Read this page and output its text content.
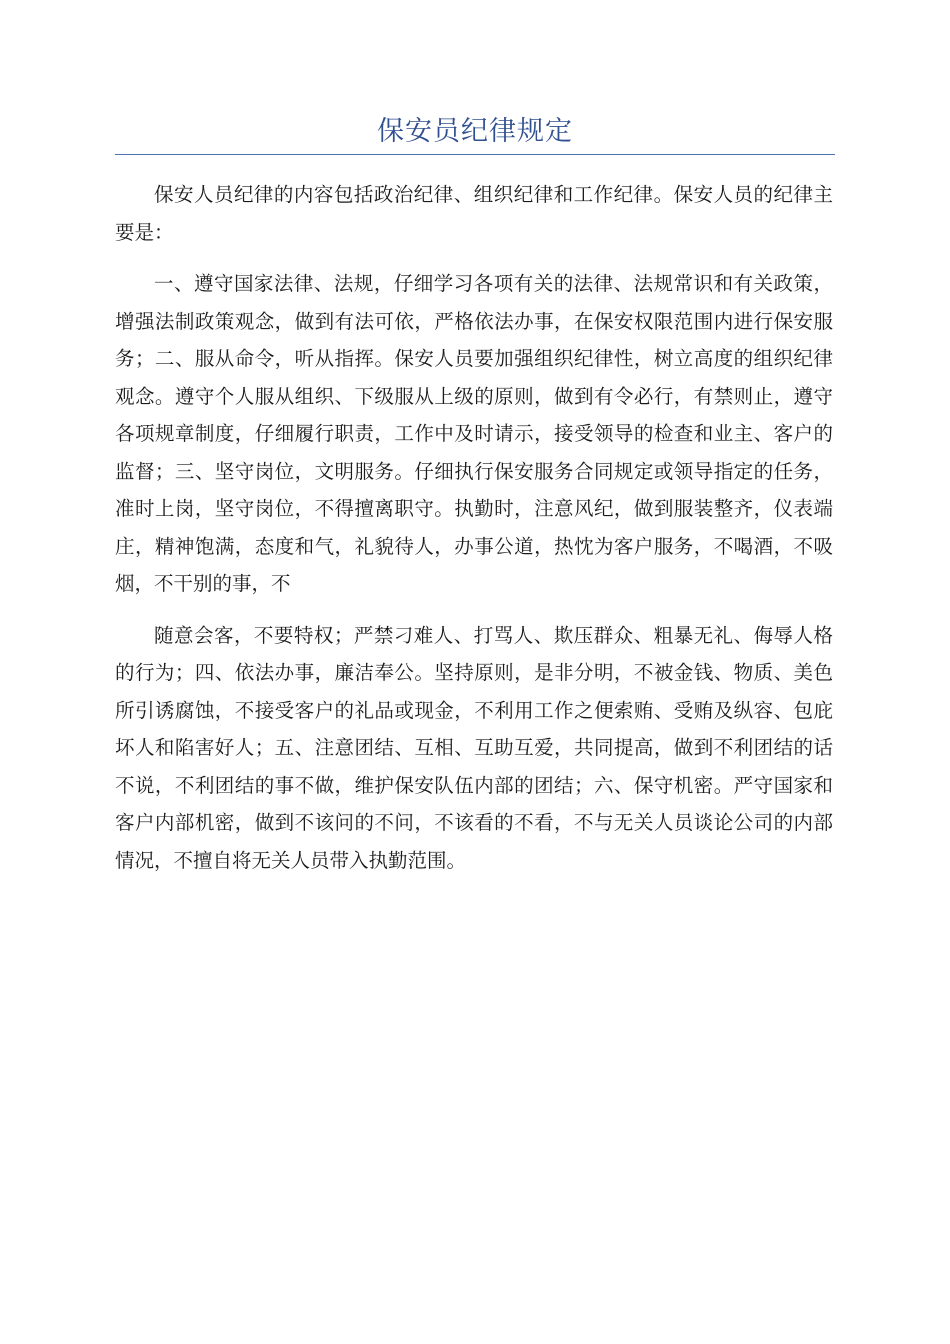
保安员纪律规定

保安人员纪律的内容包括政治纪律、组织纪律和工作纪律。保安人员的纪律主要是：

一、遵守国家法律、法规，仔细学习各项有关的法律、法规常识和有关政策，增强法制政策观念，做到有法可依，严格依法办事，在保安权限范围内进行保安服务；二、服从命令，听从指挥。保安人员要加强组织纪律性，树立高度的组织纪律观念。遵守个人服从组织、下级服从上级的原则，做到有令必行，有禁则止，遵守各项规章制度，仔细履行职责，工作中及时请示，接受领导的检查和业主、客户的监督；三、坚守岗位，文明服务。仔细执行保安服务合同规定或领导指定的任务，准时上岗，坚守岗位，不得擅离职守。执勤时，注意风纪，做到服装整齐，仪表端庄，精神饱满，态度和气，礼貌待人，办事公道，热忱为客户服务，不喝酒，不吸烟，不干别的事，不

随意会客，不要特权；严禁刁难人、打骂人、欺压群众、粗暴无礼、侮辱人格的行为；四、依法办事，廉洁奉公。坚持原则，是非分明，不被金钱、物质、美色所引诱腐蚀，不接受客户的礼品或现金，不利用工作之便索贿、受贿及纵容、包庇坏人和陷害好人；五、注意团结、互相、互助互爱，共同提高，做到不利团结的话不说，不利团结的事不做，维护保安队伍内部的团结；六、保守机密。严守国家和客户内部机密，做到不该问的不问，不该看的不看，不与无关人员谈论公司的内部情况，不擅自将无关人员带入执勤范围。
